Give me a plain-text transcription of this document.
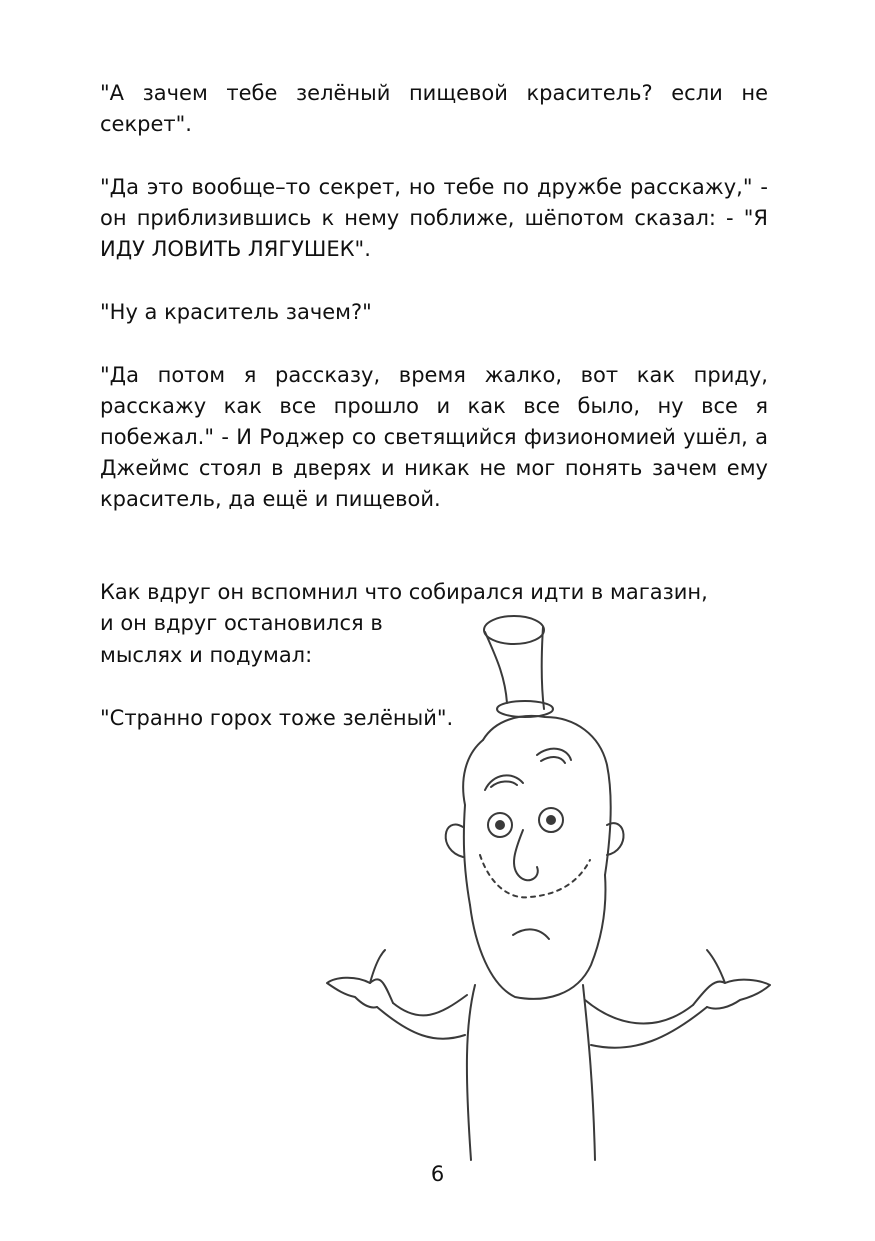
"А зачем тебе зелёный пищевой краситель? если не секрет".

"Да это вообще–то секрет, но тебе по дружбе расскажу," - он приблизившись к нему поближе, шёпотом сказал: - "Я ИДУ ЛОВИТЬ ЛЯГУШЕК".

"Ну а краситель зачем?"

"Да потом я рассказу, время жалко, вот как приду, расскажу как все прошло и как все было, ну все я побежал." - И Роджер со светящийся физиономией ушёл, а Джеймс стоял в дверях и никак не мог понять зачем ему краситель, да ещё и пищевой.

Как вдруг он вспомнил что собирался идти в магазин,

и он вдруг остановился в

мыслях и подумал:

"Странно горох тоже зелёный".

6
